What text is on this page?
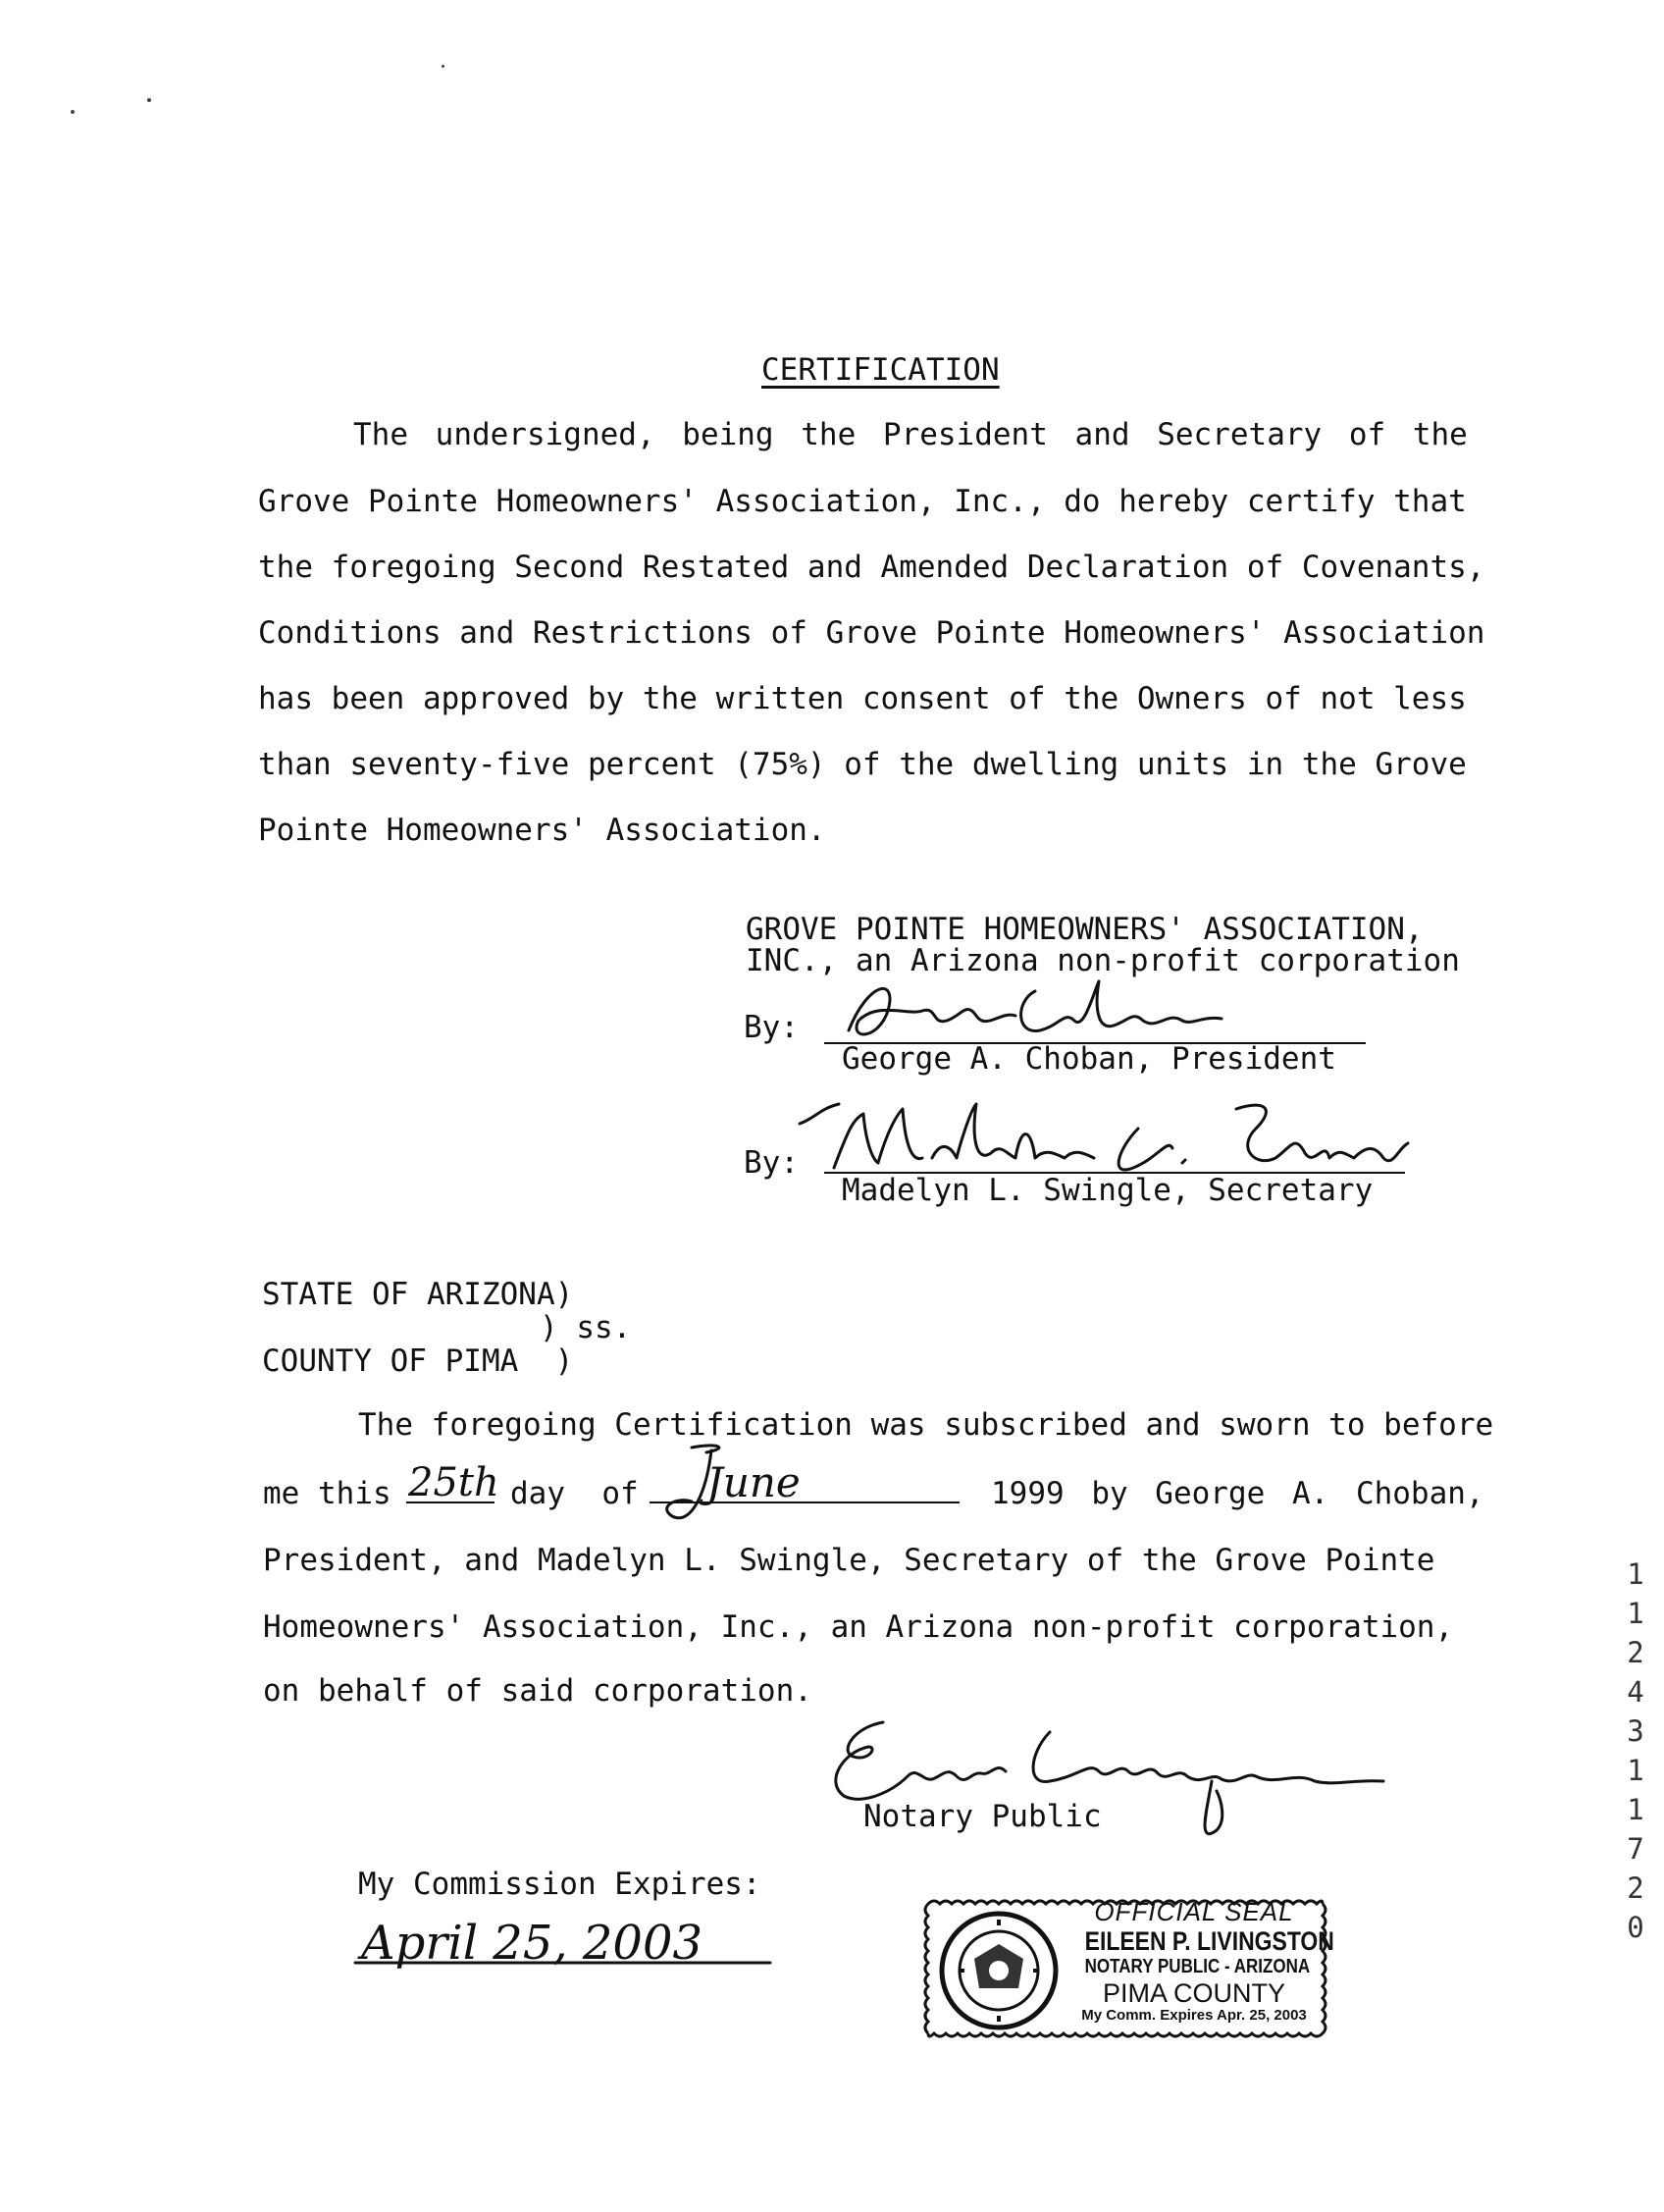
CERTIFICATION
The undersigned, being the President and Secretary of the
Grove Pointe Homeowners' Association, Inc., do hereby certify that
the foregoing Second Restated and Amended Declaration of Covenants,
Conditions and Restrictions of Grove Pointe Homeowners' Association
has been approved by the written consent of the Owners of not less
than seventy-five percent (75%) of the dwelling units in the Grove
Pointe Homeowners' Association.
GROVE POINTE HOMEOWNERS' ASSOCIATION,
INC., an Arizona non-profit corporation
By:
George A. Choban, President
By:
Madelyn L. Swingle, Secretary
STATE OF ARIZONA)
) ss.
COUNTY OF PIMA  )
The foregoing Certification was subscribed and sworn to before
me this 25th day  of June	1999 by George A. Choban,
President, and Madelyn L. Swingle, Secretary of the Grove Pointe
Homeowners' Association, Inc., an Arizona non-profit corporation,
on behalf of said corporation.
Notary Public
My Commission Expires:
April 25, 2003
OFFICIAL SEAL
EILEEN P. LIVINGSTON
NOTARY PUBLIC - ARIZONA
PIMA COUNTY
My Comm. Expires Apr. 25, 2003
1
1
2
4
3
1
1
7
2
0
